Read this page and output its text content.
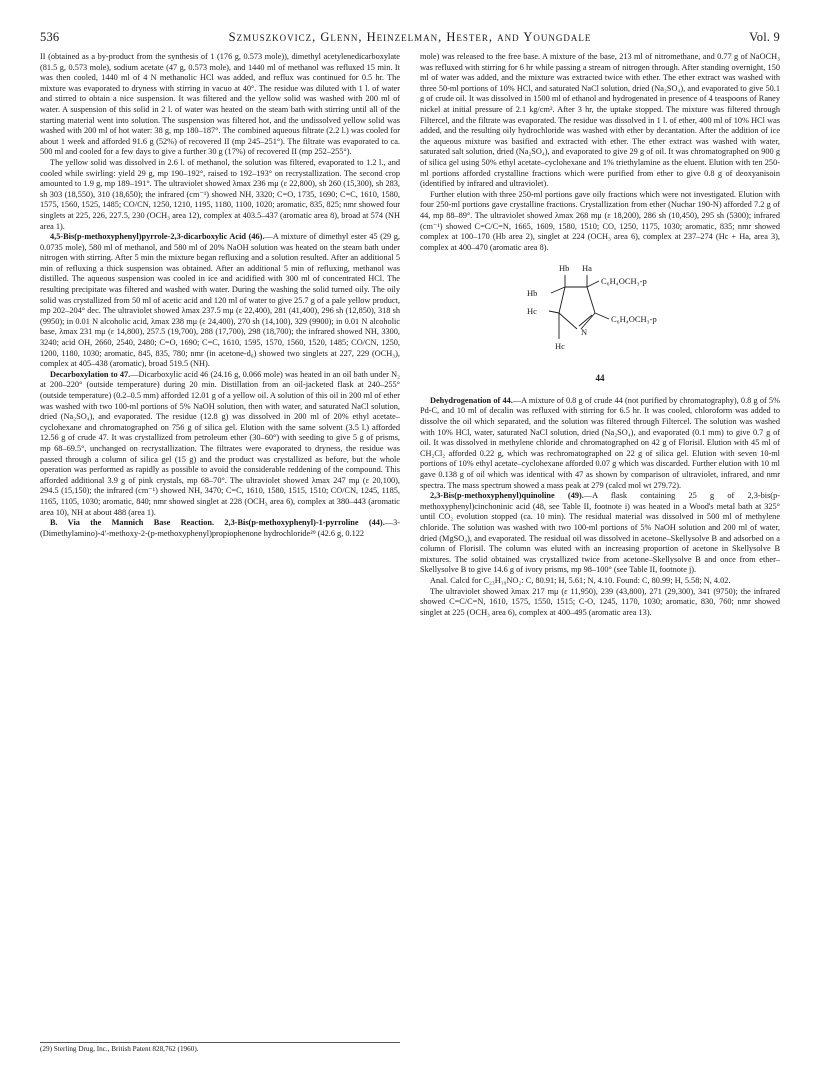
536	Szmuszkovicz, Glenn, Heinzelman, Hester, and Youngdale	Vol. 9

II (obtained as a by-product from the synthesis of 1 (176 g, 0.573 mole)), dimethyl acetylenedicarboxylate (81.5 g, 0.573 mole), sodium acetate (47 g, 0.573 mole), and 1440 ml of methanol was refluxed 15 min. It was then cooled, 1440 ml of 4 N methanolic HCl was added, and reflux was continued for 0.5 hr. The mixture was evaporated to dryness with stirring in vacuo at 40°. The residue was diluted with 1 l. of water and stirred to obtain a nice suspension. It was filtered and the yellow solid was washed with 200 ml of water. A suspension of this solid in 2 l. of water was heated on the steam bath with stirring until all of the starting material went into solution. The suspension was filtered hot, and the undissolved yellow solid was washed with 200 ml of hot water: 38 g, mp 180–187°. The combined aqueous filtrate (2.2 l.) was cooled for about 1 week and afforded 91.6 g (52%) of recovered II (mp 245–251°). The filtrate was evaporated to ca. 500 ml and cooled for a few days to give a further 30 g (17%) of recovered II (mp 252–255°).

The yellow solid was dissolved in 2.6 l. of methanol, the solution was filtered, evaporated to 1.2 l., and cooled while swirling: yield 29 g, mp 190–192°, raised to 192–193° on recrystallization. The second crop amounted to 1.9 g, mp 189–191°. The ultraviolet showed λmax 236 mμ (ε 22,800), sh 260 (15,300), sh 283, sh 303 (18,550), 310 (18,650); the infrared (cm⁻¹) showed NH, 3320; C=O, 1735, 1690; C=C, 1610, 1580, 1575, 1560, 1525, 1485; CO/CN, 1250, 1210, 1195, 1180, 1100, 1020; aromatic, 835, 825; nmr showed four singlets at 225, 226, 227.5, 230 (OCH₃ area 12), complex at 403.5–437 (aromatic area 8), broad at 574 (NH area 1).

4,5-Bis(p-methoxyphenyl)pyrrole-2,3-dicarboxylic Acid (46).—A mixture of dimethyl ester 45 (29 g, 0.0735 mole), 580 ml of methanol, and 580 ml of 20% NaOH solution was heated on the steam bath under nitrogen with stirring. After 5 min the mixture began refluxing and a solution resulted. After an additional 5 min of refluxing a thick suspension was obtained. After an additional 5 min of refluxing, methanol was distilled. The aqueous suspension was cooled in ice and acidified with 300 ml of concentrated HCl. The resulting precipitate was filtered and washed with water. During the washing the solid turned oily. The oily solid was crystallized from 50 ml of acetic acid and 120 ml of water to give 25.7 g of a pale yellow product, mp 202–204° dec. The ultraviolet showed λmax 237.5 mμ (ε 22,400), 281 (41,400), 296 sh (12,850), 318 sh (9950); in 0.01 N alcoholic acid, λmax 238 mμ (ε 24,400), 270 sh (14,100), 329 (9900); in 0.01 N alcoholic base, λmax 231 mμ (ε 14,800), 257.5 (19,700), 288 (17,700), 298 (18,700); the infrared showed NH, 3300, 3240; acid OH, 2660, 2540, 2480; C=O, 1690; C=C, 1610, 1595, 1570, 1560, 1520, 1485; CO/CN, 1250, 1200, 1180, 1030; aromatic, 845, 835, 780; nmr (in acetone-d₆) showed two singlets at 227, 229 (OCH₃), complex at 405–438 (aromatic), broad 519.5 (NH).

Decarboxylation to 47.—Dicarboxylic acid 46 (24.16 g, 0.066 mole) was heated in an oil bath under N₂ at 200–220° (outside temperature) during 20 min. Distillation from an oil-jacketed flask at 240–255° (outside temperature) (0.2–0.5 mm) afforded 12.01 g of a yellow oil. A solution of this oil in 200 ml of ether was washed with two 100-ml portions of 5% NaOH solution, then with water, and saturated NaCl solution, dried (Na₂SO₄), and evaporated. The residue (12.8 g) was dissolved in 200 ml of 20% ethyl acetate–cyclohexane and chromatographed on 756 g of silica gel. Elution with the same solvent (3.5 l.) afforded 12.56 g of crude 47. It was crystallized from petroleum ether (30–60°) with seeding to give 5 g of prisms, mp 68–69.5°, unchanged on recrystallization. The filtrates were evaporated to dryness, the residue was passed through a column of silica gel (15 g) and the product was crystallized as before, but the whole operation was performed as rapidly as possible to avoid the considerable reddening of the compound. This afforded additional 3.9 g of pink crystals, mp 68–70°. The ultraviolet showed λmax 247 mμ (ε 20,100), 294.5 (15,150); the infrared (cm⁻¹) showed NH, 3470; C=C, 1610, 1580, 1515, 1510; CO/CN, 1245, 1185, 1165, 1105, 1030; aromatic, 840; nmr showed singlet at 228 (OCH₃ area 6), complex at 380–443 (aromatic area 10), NH at about 488 (area 1).

B. Via the Mannich Base Reaction. 2,3-Bis(p-methoxyphenyl)-1-pyrroline (44).—3-(Dimethylamino)-4′-methoxy-2-(p-methoxyphenyl)propiophenone hydrochloride²⁹ (42.6 g, 0.122

(29) Sterling Drug, Inc., British Patent 828,762 (1960).

mole) was released to the free base. A mixture of the base, 213 ml of nitromethane, and 0.77 g of NaOCH₃ was refluxed with stirring for 6 hr while passing a stream of nitrogen through. After standing overnight, 150 ml of water was added, and the mixture was extracted twice with ether. The ether extract was washed with three 50-ml portions of 10% HCl, and saturated NaCl solution, dried (Na₂SO₄), and evaporated to give 50.1 g of crude oil. It was dissolved in 1500 ml of ethanol and hydrogenated in presence of 4 teaspoons of Raney nickel at initial pressure of 2.1 kg/cm². After 3 hr, the uptake stopped. The mixture was filtered through Filtercel, and the filtrate was evaporated. The residue was dissolved in 1 l. of ether, 400 ml of 10% HCl was added, and the resulting oily hydrochloride was washed with ether by decantation. After the addition of ice the aqueous mixture was basified and extracted with ether. The ether extract was washed with water, saturated salt solution, dried (Na₂SO₄), and evaporated to give 29 g of oil. It was chromatographed on 900 g of silica gel using 50% ethyl acetate–cyclohexane and 1% triethylamine as the eluent. Elution with ten 250-ml portions afforded crystalline fractions which were purified from ether to give 0.8 g of deoxyanisoin (identified by infrared and ultraviolet).

Further elution with three 250-ml portions gave oily fractions which were not investigated. Elution with four 250-ml portions gave crystalline fractions. Crystallization from ether (Nuchar 190-N) afforded 7.2 g of 44, mp 88–89°. The ultraviolet showed λmax 268 mμ (ε 18,200), 286 sh (10,450), 295 sh (5300); infrared (cm⁻¹) showed C=C/C=N, 1665, 1609, 1580, 1510; CO, 1250, 1175, 1030; aromatic, 835; nmr showed complex at 100–170 (Hb area 2), singlet at 224 (OCH₃ area 6), complex at 237–274 (Hc + Ha, area 3), complex at 400–470 (aromatic area 8).

Hb Ha
Hb
Hc
Hc
N
C₆H₄OCH₃-p
C₆H₄OCH₃-p
44

Dehydrogenation of 44.—A mixture of 0.8 g of crude 44 (not purified by chromatography), 0.8 g of 5% Pd-C, and 10 ml of decalin was refluxed with stirring for 6.5 hr. It was cooled, chloroform was added to dissolve the oil which separated, and the solution was filtered through Filtercel. The solution was washed with 10% HCl, water, saturated NaCl solution, dried (Na₂SO₄), and evaporated (0.1 mm) to give 0.7 g of oil. It was dissolved in methylene chloride and chromatographed on 42 g of Florisil. Elution with 45 ml of CH₂Cl₂ afforded 0.22 g, which was rechromatographed on 22 g of silica gel. Elution with seven 10-ml portions of 10% ethyl acetate–cyclohexane afforded 0.07 g which was discarded. Further elution with 10 ml gave 0.138 g of oil which was identical with 47 as shown by comparison of ultraviolet, infrared, and nmr spectra. The mass spectrum showed a mass peak at 279 (calcd mol wt 279.72).

2,3-Bis(p-methoxyphenyl)quinoline (49).—A flask containing 25 g of 2,3-bis(p-methoxyphenyl)cinchoninic acid (48, see Table II, footnote i) was heated in a Wood's metal bath at 325° until CO₂ evolution stopped (ca. 10 min). The residual material was dissolved in 500 ml of methylene chloride. The solution was washed with two 100-ml portions of 5% NaOH solution and 200 ml of water, dried (MgSO₄), and evaporated. The residual oil was dissolved in acetone–Skellysolve B and adsorbed on a column of Florisil. The column was eluted with an increasing proportion of acetone in Skellysolve B mixtures. The solid obtained was crystallized twice from acetone–Skellysolve B and once from ether–Skellysolve B to give 14.6 g of ivory prisms, mp 98–100° (see Table II, footnote j).

Anal. Calcd for C₂₃H₁₉NO₂: C, 80.91; H, 5.61; N, 4.10. Found: C, 80.99; H, 5.58; N, 4.02.

The ultraviolet showed λmax 217 mμ (ε 11,950), 239 (43,800), 271 (29,300), 341 (9750); the infrared showed C=C/C=N, 1610, 1575, 1550, 1515; C-O, 1245, 1170, 1030; aromatic, 830, 760; nmr showed singlet at 225 (OCH₃ area 6), complex at 400–495 (aromatic area 13).
